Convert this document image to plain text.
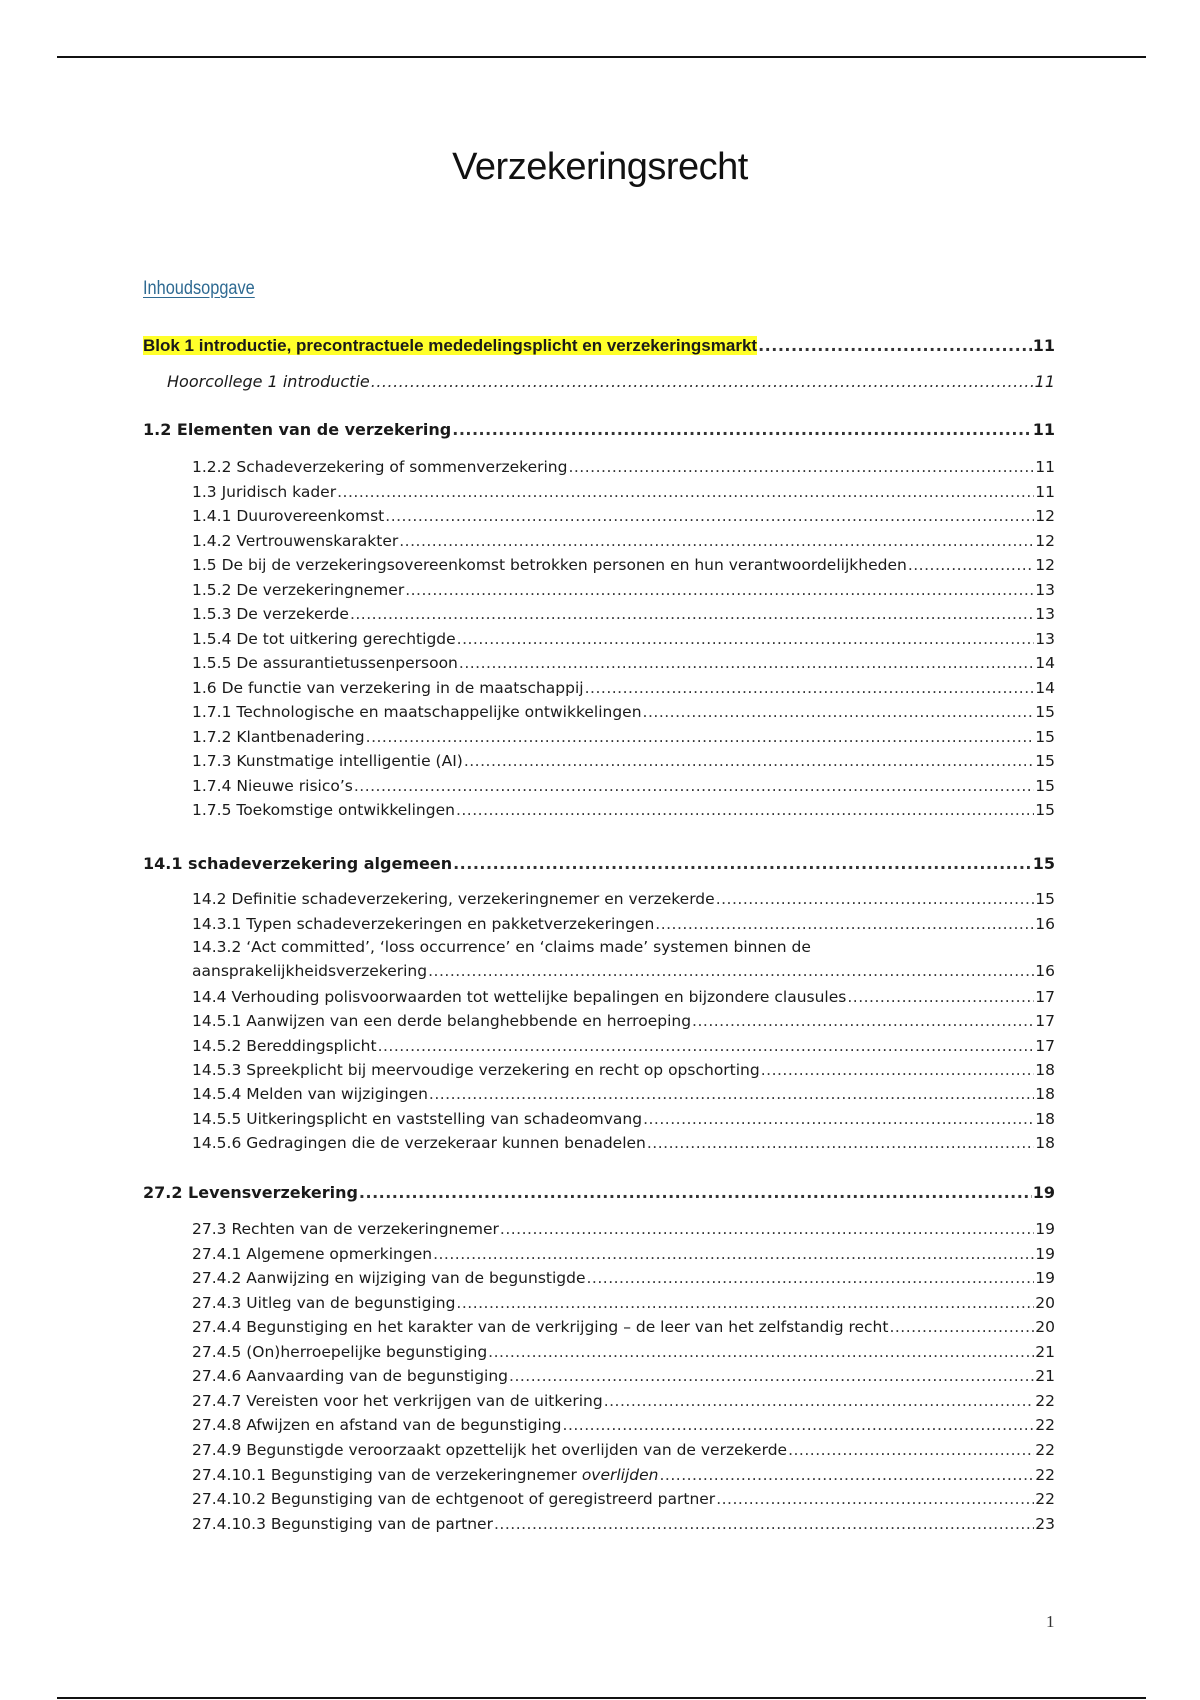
Verzekeringsrecht
Inhoudsopgave
Blok 1 introductie, precontractuele mededelingsplicht en verzekeringsmarkt .....	11
Hoorcollege 1 introductie .....	11
1.2 Elementen van de verzekering .....	11
1.2.2 Schadeverzekering of sommenverzekering .....	11
1.3 Juridisch kader .....	11
1.4.1 Duurovereenkomst .....	12
1.4.2 Vertrouwenskarakter .....	12
1.5 De bij de verzekeringsovereenkomst betrokken personen en hun verantwoordelijkheden .....	12
1.5.2 De verzekeringnemer .....	13
1.5.3 De verzekerde .....	13
1.5.4 De tot uitkering gerechtigde .....	13
1.5.5 De assurantietussenpersoon .....	14
1.6 De functie van verzekering in de maatschappij .....	14
1.7.1 Technologische en maatschappelijke ontwikkelingen .....	15
1.7.2 Klantbenadering .....	15
1.7.3 Kunstmatige intelligentie (AI) .....	15
1.7.4 Nieuwe risico’s .....	15
1.7.5 Toekomstige ontwikkelingen .....	15
14.1 schadeverzekering algemeen .....	15
14.2 Definitie schadeverzekering, verzekeringnemer en verzekerde .....	15
14.3.1 Typen schadeverzekeringen en pakketverzekeringen .....	16
14.3.2 ‘Act committed’, ‘loss occurrence’ en ‘claims made’ systemen binnen de
aansprakelijkheidsverzekering .....	16
14.4 Verhouding polisvoorwaarden tot wettelijke bepalingen en bijzondere clausules .....	17
14.5.1 Aanwijzen van een derde belanghebbende en herroeping .....	17
14.5.2 Bereddingsplicht .....	17
14.5.3 Spreekplicht bij meervoudige verzekering en recht op opschorting .....	18
14.5.4 Melden van wijzigingen .....	18
14.5.5 Uitkeringsplicht en vaststelling van schadeomvang .....	18
14.5.6 Gedragingen die de verzekeraar kunnen benadelen .....	18
27.2 Levensverzekering .....	19
27.3 Rechten van de verzekeringnemer .....	19
27.4.1 Algemene opmerkingen .....	19
27.4.2 Aanwijzing en wijziging van de begunstigde .....	19
27.4.3 Uitleg van de begunstiging .....	20
27.4.4 Begunstiging en het karakter van de verkrijging – de leer van het zelfstandig recht .....	20
27.4.5 (On)herroepelijke begunstiging .....	21
27.4.6 Aanvaarding van de begunstiging .....	21
27.4.7 Vereisten voor het verkrijgen van de uitkering .....	22
27.4.8 Afwijzen en afstand van de begunstiging .....	22
27.4.9 Begunstigde veroorzaakt opzettelijk het overlijden van de verzekerde .....	22
27.4.10.1 Begunstiging van de verzekeringnemer overlijden .....	22
27.4.10.2 Begunstiging van de echtgenoot of geregistreerd partner .....	22
27.4.10.3 Begunstiging van de partner .....	23
1
